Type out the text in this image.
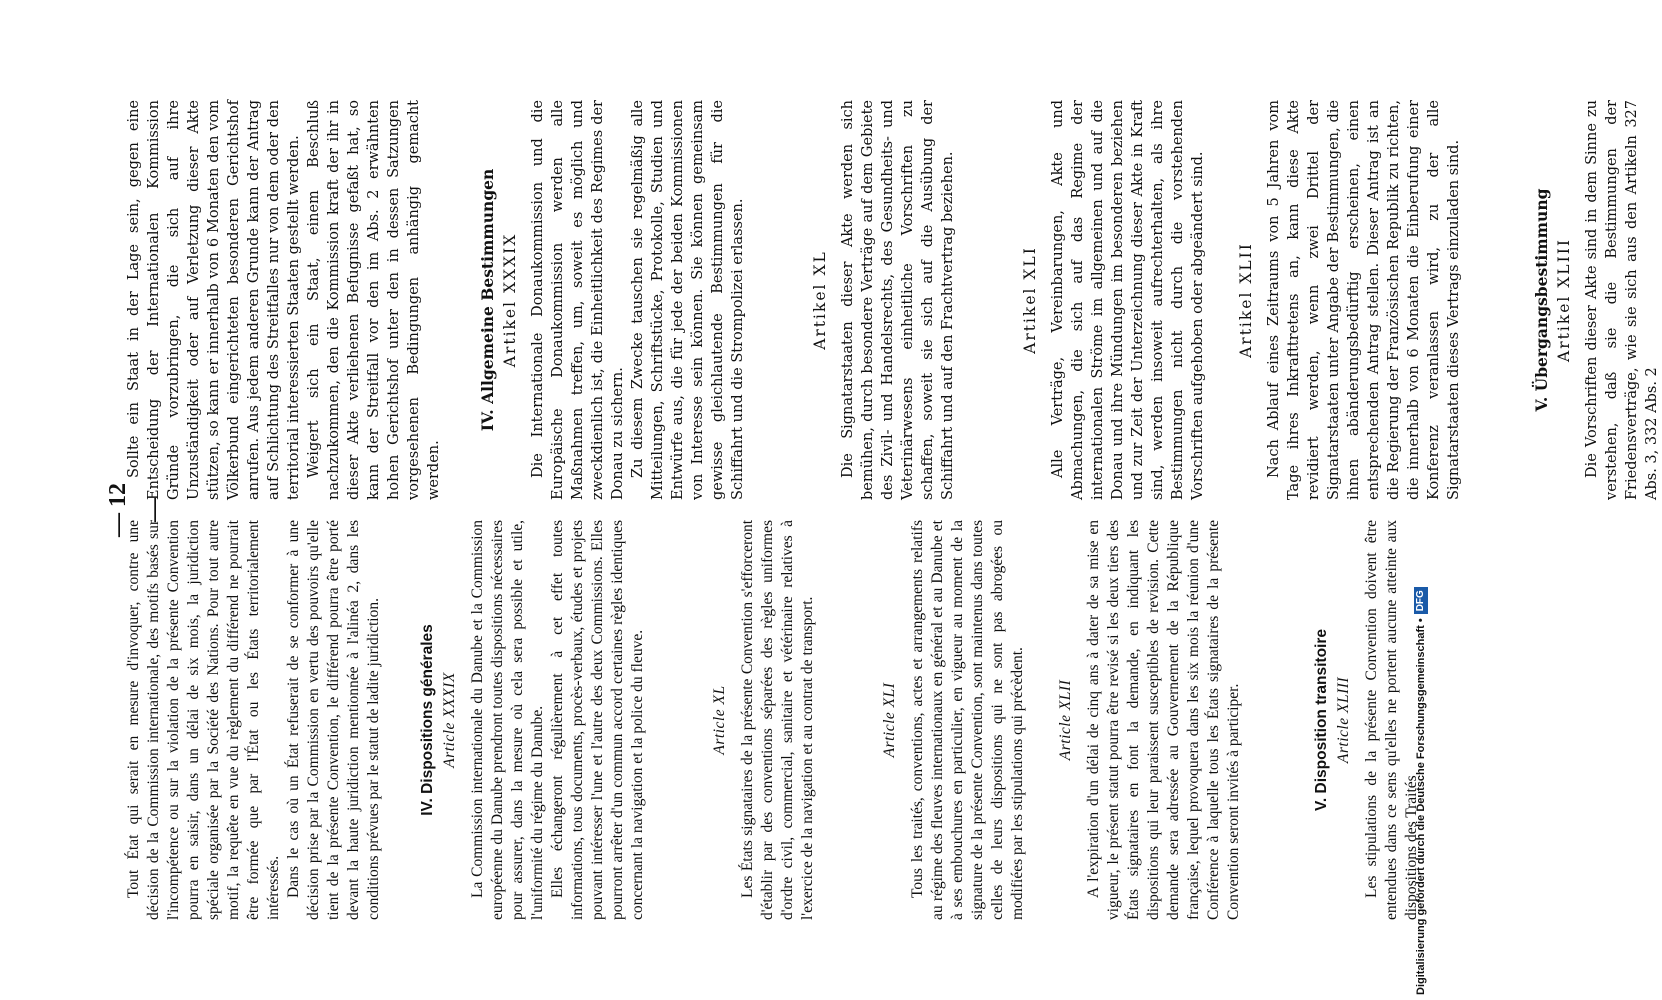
— 12 —

Tout État qui serait en mesure d'invoquer, contre une décision de la Commission internationale, des motifs basés sur l'incompétence ou sur la violation de la présente Convention pourra en saisir, dans un délai de six mois, la juridiction spéciale organisée par la Société des Nations. Pour tout autre motif, la requête en vue du règlement du différend ne pourrait être formée que par l'État ou les États territorialement intéressés. Dans le cas où un État refuserait de se conformer à une décision prise par la Commission en vertu des pouvoirs qu'elle tient de la présente Convention, le différend pourra être porté devant la haute juridiction mentionnée à l'alinéa 2, dans les conditions prévues par le statut de ladite juridiction. IV. Dispositions générales Article XXXIX La Commission internationale du Danube et la Commission européenne du Danube prendront toutes dispositions nécessaires pour assurer, dans la mesure où cela sera possible et utile, l'uniformité du régime du Danube. Elles échangeront régulièrement à cet effet toutes informations, tous documents, procès-verbaux, études et projets pouvant intéresser l'une et l'autre des deux Commissions. Elles pourront arrêter d'un commun accord certaines règles identiques concernant la navigation et la police du fleuve.	Article XL Les États signataires de la présente Convention s'efforceront d'établir par des conventions séparées des règles uniformes d'ordre civil, commercial, sanitaire et vétérinaire relatives à l'exercice de la navigation et au contrat de transport.	Article XLI Tous les traités, conventions, actes et arrangements relatifs au régime des fleuves internationaux en général et au Danube et à ses embouchures en particulier, en vigueur au moment de la signature de la présente Convention, sont maintenus dans toutes celles de leurs dispositions qui ne sont pas abrogées ou modifiées par les stipulations qui précèdent. Article XLII A l'expiration d'un délai de cinq ans à dater de sa mise en vigueur, le présent statut pourra être revisé si les deux tiers des États signataires en font la demande, en indiquant les dispositions qui leur paraissent susceptibles de revision. Cette demande sera adressée au Gouvernement de la République française, lequel provoquera dans les six mois la réunion d'une Conférence à laquelle tous les États signataires de la présente Convention seront invités à participer.	V. Disposition transitoire Article XLIII Les stipulations de la présente Convention doivent être entendues dans ce sens qu'elles ne portent aucune atteinte aux dispositions des Traités

Sollte ein Staat in der Lage sein, gegen eine Entscheidung der Internationalen Kommission Gründe vorzubringen, die sich auf ihre Unzuständigkeit oder auf Verletzung dieser Akte stützen, so kann er innerhalb von 6 Monaten den vom Völkerbund eingerichteten besonderen Gerichtshof anrufen. Aus jedem anderen Grunde kann der Antrag auf Schlichtung des Streitfalles nur von dem oder den territorial interessierten Staaten gestellt werden. Weigert sich ein Staat, einem Beschluß nachzukommen, den die Kommission kraft der ihr in dieser Akte verliehenen Befugnisse gefaßt hat, so kann der Streitfall vor den im Abs. 2 erwähnten hohen Gerichtshof unter den in dessen Satzungen vorgesehenen Bedingungen anhängig gemacht werden.

IV. Allgemeine Bestimmungen Artikel XXXIX Die Internationale Donaukommission und die Europäische Donaukommission werden alle Maßnahmen treffen, um, soweit es möglich und zweckdienlich ist, die Einheitlichkeit des Regimes der Donau zu sichern. Zu diesem Zwecke tauschen sie regelmäßig alle Mitteilungen, Schriftstücke, Protokolle, Studien und Entwürfe aus, die für jede der beiden Kommissionen von Interesse sein können. Sie können gemeinsam gewisse gleichlautende Bestimmungen für die Schiffahrt und die Strompolizei erlassen.	Artikel XL Die Signatarstaaten dieser Akte werden sich bemühen, durch besondere Verträge auf dem Gebiete des Zivil- und Handelsrechts, des Gesundheits- und Veterinärwesens einheitliche Vorschriften zu schaffen, soweit sie sich auf die Ausübung der Schiffahrt und auf den Frachtvertrag beziehen.	Artikel XLI Alle Verträge, Vereinbarungen, Akte und Abmachungen, die sich auf das Regime der internationalen Ströme im allgemeinen und auf die Donau und ihre Mündungen im besonderen beziehen und zur Zeit der Unterzeichnung dieser Akte in Kraft sind, werden insoweit aufrechterhalten, als ihre Bestimmungen nicht durch die vorstehenden Vorschriften aufgehoben oder abgeändert sind. Artikel XLII Nach Ablauf eines Zeitraums von 5 Jahren vom Tage ihres Inkrafttretens an, kann diese Akte revidiert werden, wenn zwei Drittel der Signatarstaaten unter Angabe der Bestimmungen, die ihnen abänderungsbedürftig erscheinen, einen entsprechenden Antrag stellen. Dieser Antrag ist an die Regierung der Französischen Republik zu richten, die innerhalb von 6 Monaten die Einberufung einer Konferenz veranlassen wird, zu der alle Signatarstaaten dieses Vertrags einzuladen sind.	V. Übergangsbestimmung Artikel XLIII Die Vorschriften dieser Akte sind in dem Sinne zu verstehen, daß sie die Bestimmungen der Friedensverträge, wie sie sich aus den Artikeln 327 Abs. 3, 332 Abs. 2

Digitalisierung gefördert durch die Deutsche Forschungsgemeinschaft •DFG
